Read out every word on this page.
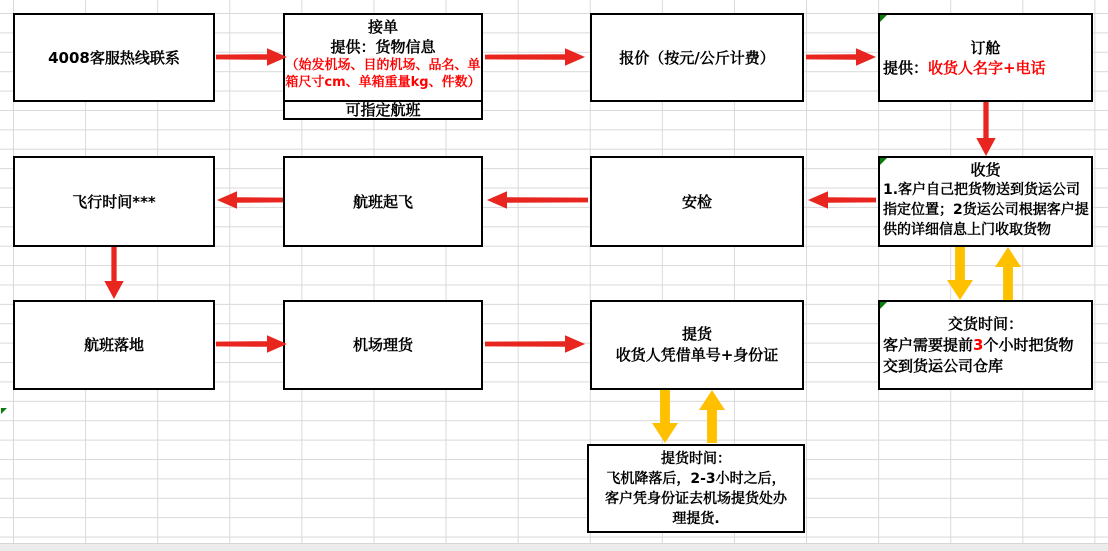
4008客服热线联系
接单
提供：货物信息
（始发机场、目的机场、品名、单
箱尺寸cm、单箱重量kg、件数）
可指定航班
报价（按元/公斤计费）
订舱
提供：收货人名字+电话
飞行时间***	航班起飞	安检
收货
1.客户自己把货物送到货运公司
指定位置；2货运公司根据客户提
供的详细信息上门收取货物
航班落地	机场理货
提货
收货人凭借单号+身份证
交货时间：
客户需要提前3个小时把货物
交到货运公司仓库
提货时间：
飞机降落后，2-3小时之后，
客户凭身份证去机场提货处办
理提货.
